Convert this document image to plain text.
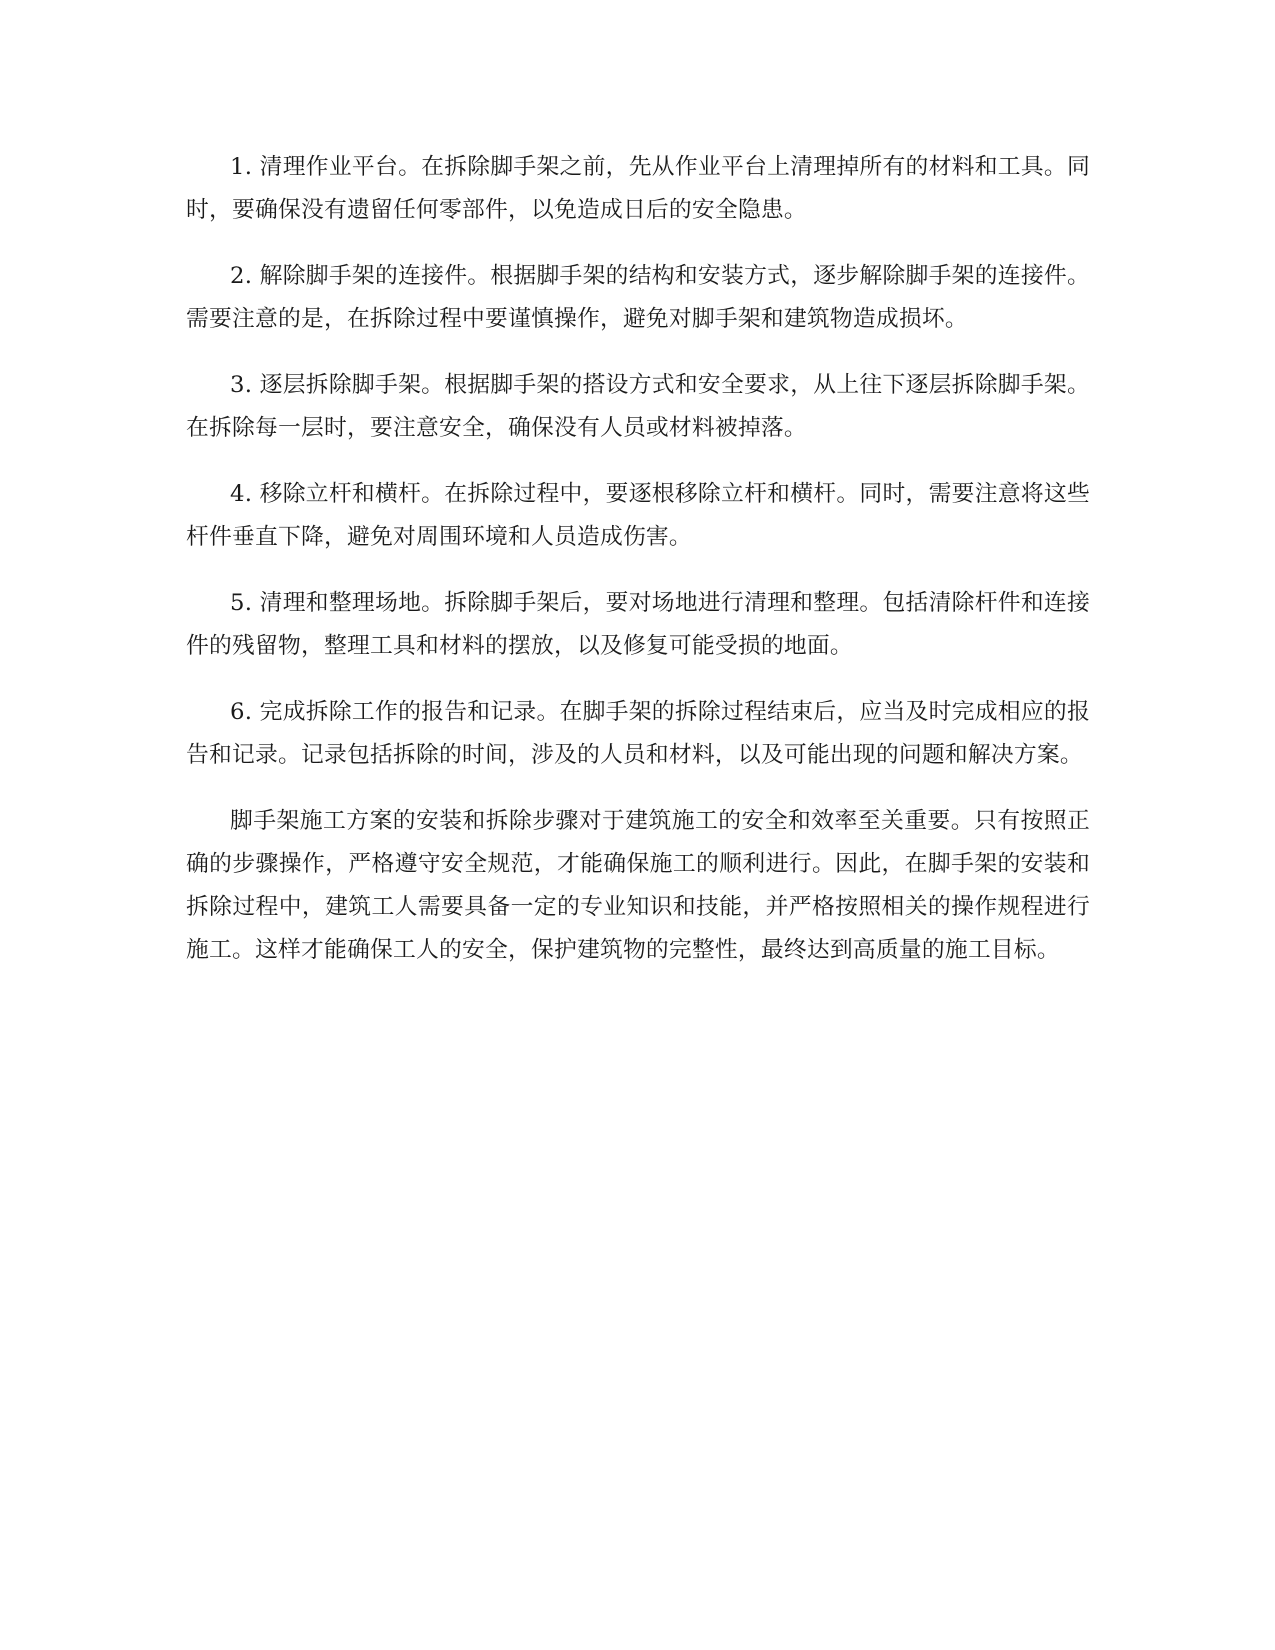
1. 清理作业平台。在拆除脚手架之前，先从作业平台上清理掉所有的材料和工具。同时，要确保没有遗留任何零部件，以免造成日后的安全隐患。

2. 解除脚手架的连接件。根据脚手架的结构和安装方式，逐步解除脚手架的连接件。需要注意的是，在拆除过程中要谨慎操作，避免对脚手架和建筑物造成损坏。

3. 逐层拆除脚手架。根据脚手架的搭设方式和安全要求，从上往下逐层拆除脚手架。在拆除每一层时，要注意安全，确保没有人员或材料被掉落。

4. 移除立杆和横杆。在拆除过程中，要逐根移除立杆和横杆。同时，需要注意将这些杆件垂直下降，避免对周围环境和人员造成伤害。

5. 清理和整理场地。拆除脚手架后，要对场地进行清理和整理。包括清除杆件和连接件的残留物，整理工具和材料的摆放，以及修复可能受损的地面。

6. 完成拆除工作的报告和记录。在脚手架的拆除过程结束后，应当及时完成相应的报告和记录。记录包括拆除的时间，涉及的人员和材料，以及可能出现的问题和解决方案。

脚手架施工方案的安装和拆除步骤对于建筑施工的安全和效率至关重要。只有按照正确的步骤操作，严格遵守安全规范，才能确保施工的顺利进行。因此，在脚手架的安装和拆除过程中，建筑工人需要具备一定的专业知识和技能，并严格按照相关的操作规程进行施工。这样才能确保工人的安全，保护建筑物的完整性，最终达到高质量的施工目标。
